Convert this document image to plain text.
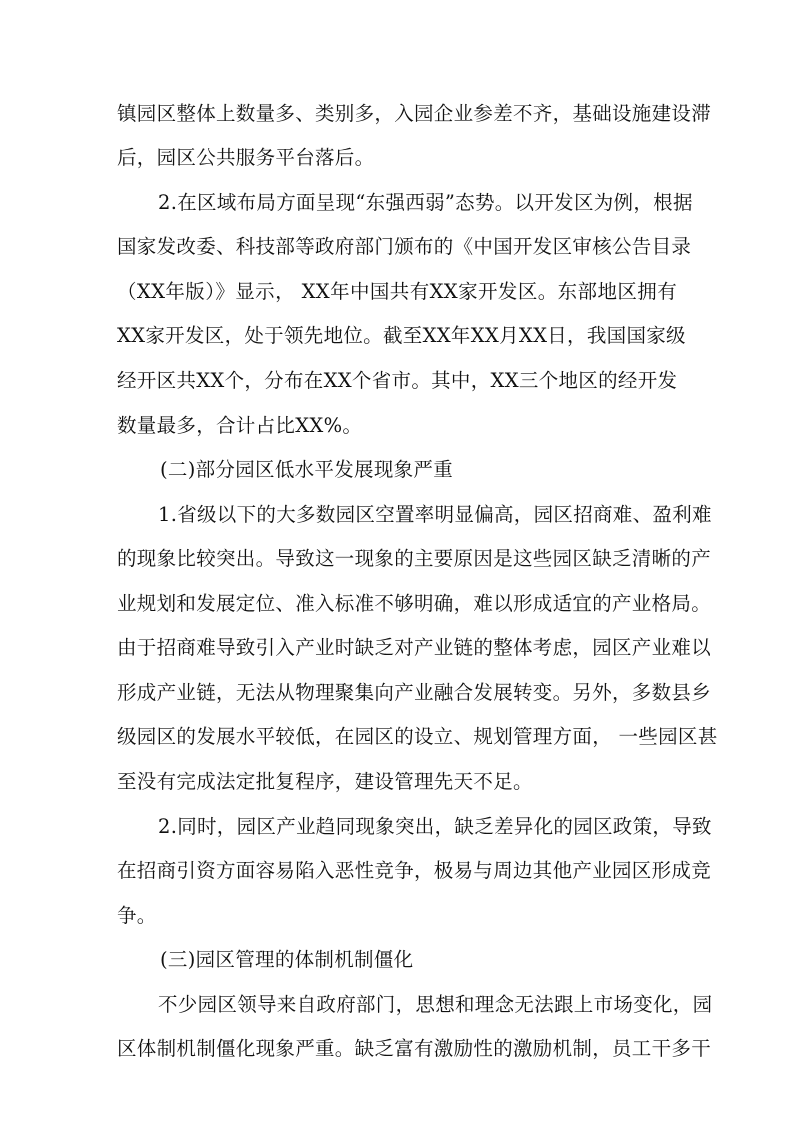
镇园区整体上数量多、类别多，入园企业参差不齐，基础设施建设滞
后，园区公共服务平台落后。
2.在区域布局方面呈现“东强西弱”态势。以开发区为例，根据
国家发改委、科技部等政府部门颁布的《中国开发区审核公告目录
（XX年版）》显示， XX年中国共有XX家开发区。东部地区拥有
XX家开发区，处于领先地位。截至XX年XX月XX日，我国国家级
经开区共XX个，分布在XX个省市。其中，XX三个地区的经开发
数量最多，合计占比XX%。
(二)部分园区低水平发展现象严重
1.省级以下的大多数园区空置率明显偏高，园区招商难、盈利难
的现象比较突出。导致这一现象的主要原因是这些园区缺乏清晰的产
业规划和发展定位、准入标准不够明确，难以形成适宜的产业格局。
由于招商难导致引入产业时缺乏对产业链的整体考虑，园区产业难以
形成产业链，无法从物理聚集向产业融合发展转变。另外，多数县乡
级园区的发展水平较低，在园区的设立、规划管理方面， 一些园区甚
至没有完成法定批复程序，建设管理先天不足。
2.同时，园区产业趋同现象突出，缺乏差异化的园区政策，导致
在招商引资方面容易陷入恶性竞争，极易与周边其他产业园区形成竞
争。
(三)园区管理的体制机制僵化
不少园区领导来自政府部门，思想和理念无法跟上市场变化，园
区体制机制僵化现象严重。缺乏富有激励性的激励机制，员工干多干
